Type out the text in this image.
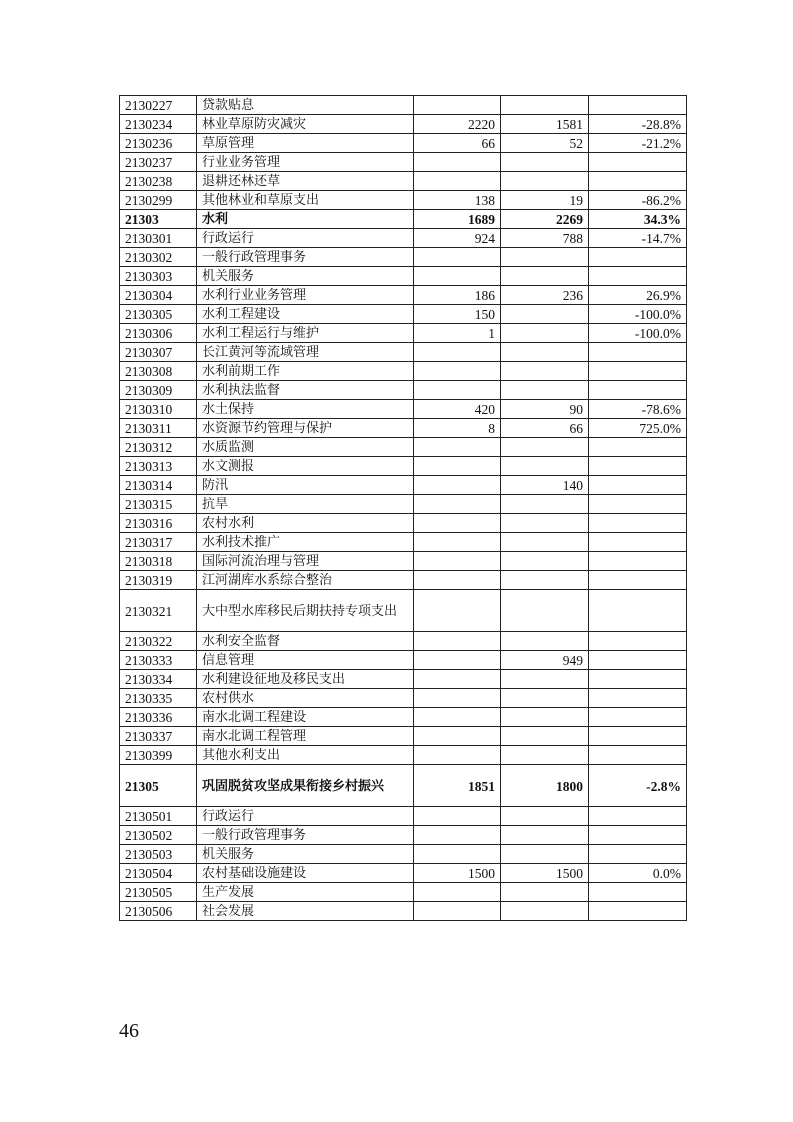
2130227	贷款贴息			
2130234	林业草原防灾减灾	2220	1581	-28.8%
2130236	草原管理	66	52	-21.2%
2130237	行业业务管理			
2130238	退耕还林还草			
2130299	其他林业和草原支出	138	19	-86.2%
21303	水利	1689	2269	34.3%
2130301	行政运行	924	788	-14.7%
2130302	一般行政管理事务			
2130303	机关服务			
2130304	水利行业业务管理	186	236	26.9%
2130305	水利工程建设	150		-100.0%
2130306	水利工程运行与维护	1		-100.0%
2130307	长江黄河等流域管理			
2130308	水利前期工作			
2130309	水利执法监督			
2130310	水土保持	420	90	-78.6%
2130311	水资源节约管理与保护	8	66	725.0%
2130312	水质监测			
2130313	水文测报			
2130314	防汛		140	
2130315	抗旱			
2130316	农村水利			
2130317	水利技术推广			
2130318	国际河流治理与管理			
2130319	江河湖库水系综合整治			
2130321	大中型水库移民后期扶持专项支出			
2130322	水利安全监督			
2130333	信息管理		949	
2130334	水利建设征地及移民支出			
2130335	农村供水			
2130336	南水北调工程建设			
2130337	南水北调工程管理			
2130399	其他水利支出			
21305	巩固脱贫攻坚成果衔接乡村振兴	1851	1800	-2.8%
2130501	行政运行			
2130502	一般行政管理事务			
2130503	机关服务			
2130504	农村基础设施建设	1500	1500	0.0%
2130505	生产发展			
2130506	社会发展			
46
